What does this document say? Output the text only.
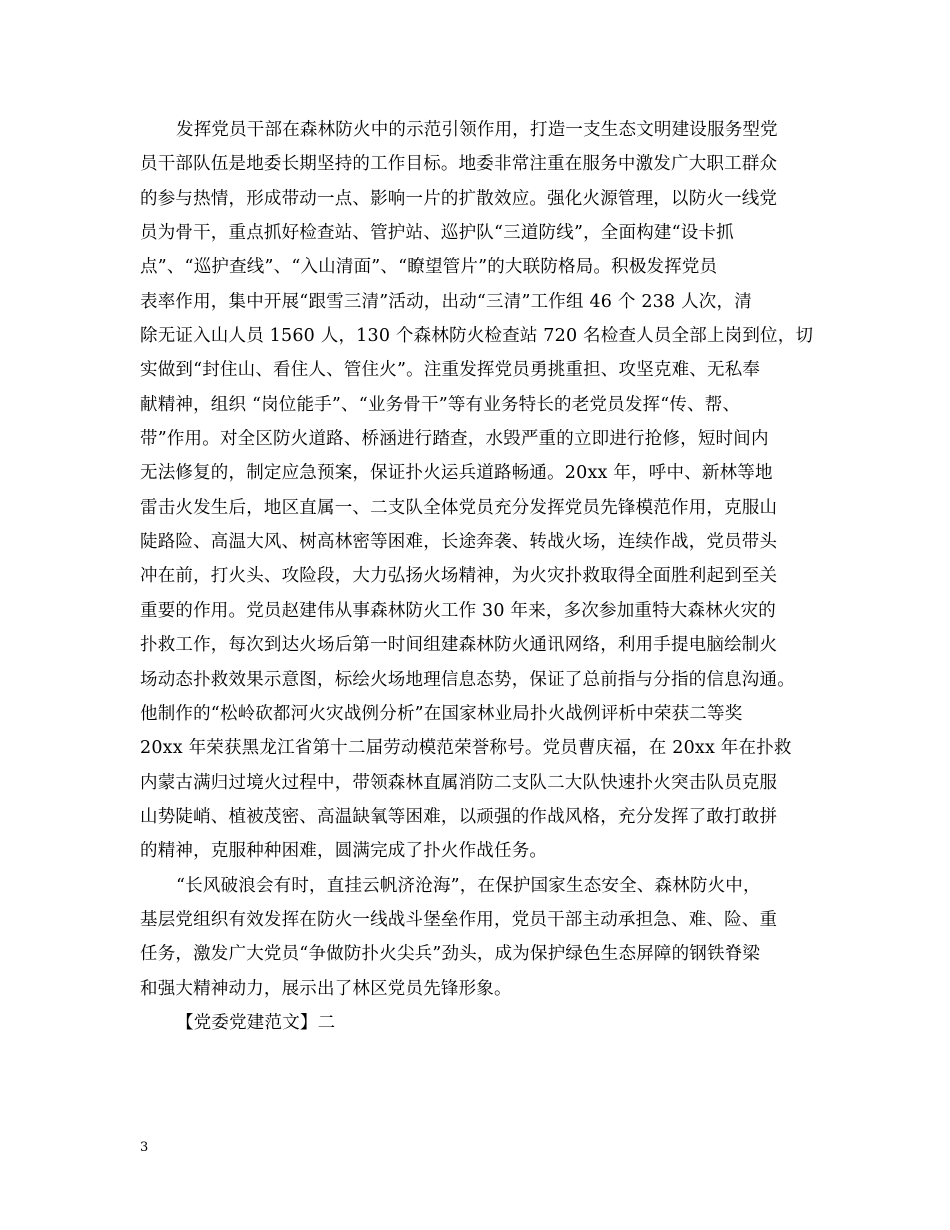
发挥党员干部在森林防火中的示范引领作用，打造一支生态文明建设服务型党
员干部队伍是地委长期坚持的工作目标。地委非常注重在服务中激发广大职工群众
的参与热情，形成带动一点、影响一片的扩散效应。强化火源管理，以防火一线党
员为骨干，重点抓好检查站、管护站、巡护队“三道防线”，全面构建“设卡抓
点”、“巡护查线”、“入山清面”、“瞭望管片”的大联防格局。积极发挥党员
表率作用，集中开展“跟雪三清”活动，出动“三清”工作组 46 个 238 人次，清
除无证入山人员 1560 人，130 个森林防火检查站 720 名检查人员全部上岗到位，切
实做到“封住山、看住人、管住火”。注重发挥党员勇挑重担、攻坚克难、无私奉
献精神，组织 “岗位能手”、“业务骨干”等有业务特长的老党员发挥“传、帮、
带”作用。对全区防火道路、桥涵进行踏查，水毁严重的立即进行抢修，短时间内
无法修复的，制定应急预案，保证扑火运兵道路畅通。20xx 年，呼中、新林等地
雷击火发生后，地区直属一、二支队全体党员充分发挥党员先锋模范作用，克服山
陡路险、高温大风、树高林密等困难，长途奔袭、转战火场，连续作战，党员带头
冲在前，打火头、攻险段，大力弘扬火场精神，为火灾扑救取得全面胜利起到至关
重要的作用。党员赵建伟从事森林防火工作 30 年来，多次参加重特大森林火灾的
扑救工作，每次到达火场后第一时间组建森林防火通讯网络，利用手提电脑绘制火
场动态扑救效果示意图，标绘火场地理信息态势，保证了总前指与分指的信息沟通。
他制作的“松岭砍都河火灾战例分析”在国家林业局扑火战例评析中荣获二等奖
20xx 年荣获黑龙江省第十二届劳动模范荣誉称号。党员曹庆福，在 20xx 年在扑救
内蒙古满归过境火过程中，带领森林直属消防二支队二大队快速扑火突击队员克服
山势陡峭、植被茂密、高温缺氧等困难，以顽强的作战风格，充分发挥了敢打敢拼
的精神，克服种种困难，圆满完成了扑火作战任务。
“长风破浪会有时，直挂云帆济沧海”，在保护国家生态安全、森林防火中，
基层党组织有效发挥在防火一线战斗堡垒作用，党员干部主动承担急、难、险、重
任务，激发广大党员“争做防扑火尖兵”劲头，成为保护绿色生态屏障的钢铁脊梁
和强大精神动力，展示出了林区党员先锋形象。
【党委党建范文】二
3
